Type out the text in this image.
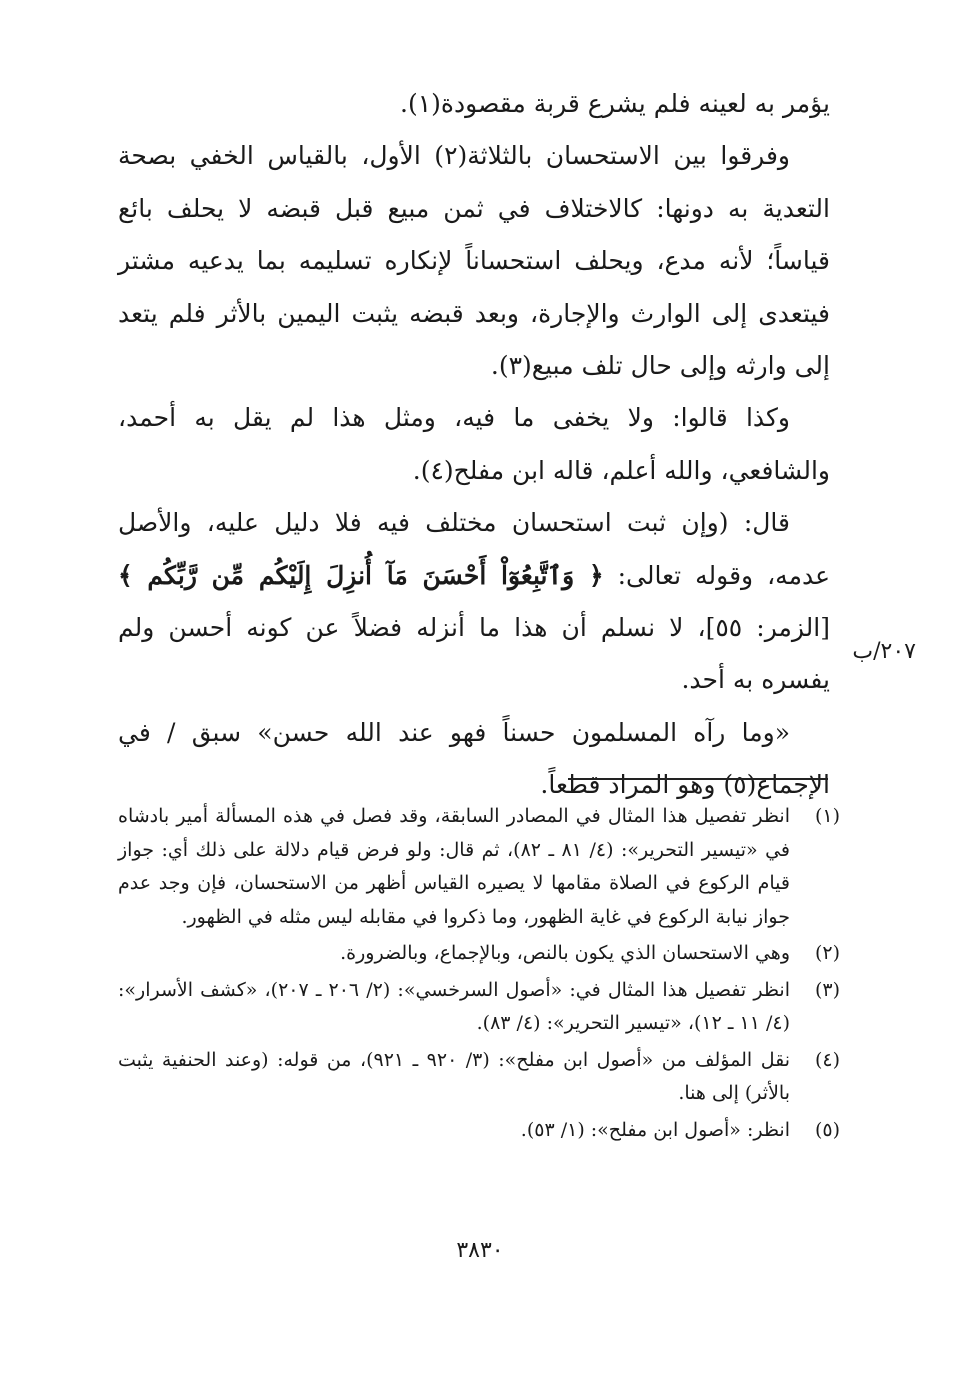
يؤمر به لعينه فلم يشرع قربة مقصودة(١).

وفرقوا بين الاستحسان بالثلاثة(٢) الأول، بالقياس الخفي بصحة التعدية به دونها: كالاختلاف في ثمن مبيع قبل قبضه لا يحلف بائع قياساً؛ لأنه مدع، ويحلف استحساناً لإنكاره تسليمه بما يدعيه مشتر فيتعدى إلى الوارث والإجارة، وبعد قبضه يثبت اليمين بالأثر فلم يتعد إلى وارثه وإلى حال تلف مبيع(٣).

وكذا قالوا: ولا يخفى ما فيه، ومثل هذا لم يقل به أحمد، والشافعي، والله أعلم، قاله ابن مفلح(٤).

قال: (وإن ثبت استحسان مختلف فيه فلا دليل عليه، والأصل عدمه، وقوله تعالى: ﴿ وَٱتَّبِعُوٓاْ أَحْسَنَ مَآ أُنزِلَ إِلَيْكُم مِّن رَّبِّكُم ﴾ [الزمر: ٥٥]، لا نسلم أن هذا ما أنزله فضلاً عن كونه أحسن ولم يفسره به أحد.

«وما رآه المسلمون حسناً فهو عند الله حسن» سبق / في الإجماع(٥) وهو المراد قطعاً.

٢٠٧/ب
(١)
انظر تفصيل هذا المثال في المصادر السابقة، وقد فصل في هذه المسألة أمير بادشاه في «تيسير التحرير»: (٤/ ٨١ ـ ٨٢)، ثم قال: ولو فرض قيام دلالة على ذلك أي: جواز قيام الركوع في الصلاة مقامها لا يصيره القياس أظهر من الاستحسان، فإن وجد عدم جواز نيابة الركوع في غاية الظهور، وما ذكروا في مقابله ليس مثله في الظهور.
(٢)
وهي الاستحسان الذي يكون بالنص، وبالإجماع، وبالضرورة.
(٣)
انظر تفصيل هذا المثال في: «أصول السرخسي»: (٢/ ٢٠٦ ـ ٢٠٧)، «كشف الأسرار»: (٤/ ١١ ـ ١٢)، «تيسير التحرير»: (٤/ ٨٣).
(٤)
نقل المؤلف من «أصول ابن مفلح»: (٣/ ٩٢٠ ـ ٩٢١)، من قوله: (وعند الحنفية يثبت بالأثر) إلى هنا.
(٥)
انظر: «أصول ابن مفلح»: (١/ ٥٣).
٣٨٣٠
